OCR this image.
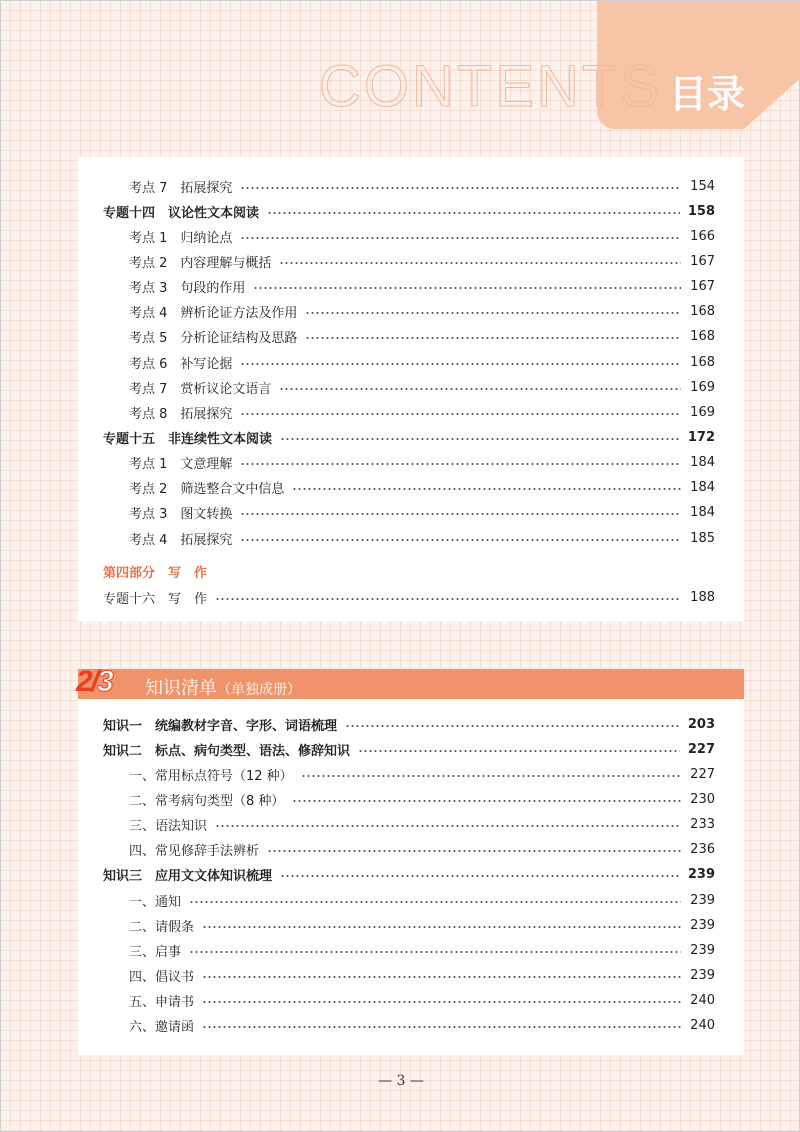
CONTENTS 目录
考点 7　拓展探究	154
专题十四　议论性文本阅读	158
考点 1　归纳论点	166
考点 2　内容理解与概括	167
考点 3　句段的作用	167
考点 4　辨析论证方法及作用	168
考点 5　分析论证结构及思路	168
考点 6　补写论据	168
考点 7　赏析议论文语言	169
考点 8　拓展探究	169
专题十五　非连续性文本阅读	172
考点 1　文意理解	184
考点 2　筛选整合文中信息	184
考点 3　图文转换	184
考点 4　拓展探究	185
第四部分　写　作
专题十六　写　作	188
2/3 知识清单（单独成册）
知识一　统编教材字音、字形、词语梳理	203
知识二　标点、病句类型、语法、修辞知识	227
一、常用标点符号（12 种）	227
二、常考病句类型（8 种）	230
三、语法知识	233
四、常见修辞手法辨析	236
知识三　应用文文体知识梳理	239
一、通知	239
二、请假条	239
三、启事	239
四、倡议书	239
五、申请书	240
六、邀请函	240
— 3 —
